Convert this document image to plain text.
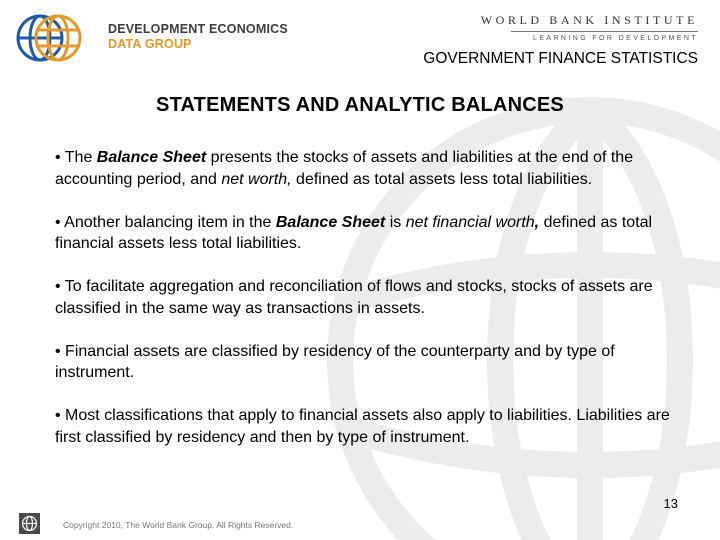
DEVELOPMENT ECONOMICS
DATA GROUP
WORLD BANK INSTITUTE
LEARNING FOR DEVELOPMENT
GOVERNMENT FINANCE STATISTICS
STATEMENTS AND ANALYTIC BALANCES

• The Balance Sheet presents the stocks of assets and liabilities at the end of the accounting period, and net worth, defined as total assets less total liabilities.

• Another balancing item in the Balance Sheet is net financial worth, defined as total financial assets less total liabilities.

• To facilitate aggregation and reconciliation of flows and stocks, stocks of assets are classified in the same way as transactions in assets.

• Financial assets are classified by residency of the counterparty and by type of instrument.

• Most classifications that apply to financial assets also apply to liabilities. Liabilities are first classified by residency and then by type of instrument.

13
Copyright 2010, The World Bank Group. All Rights Reserved.
